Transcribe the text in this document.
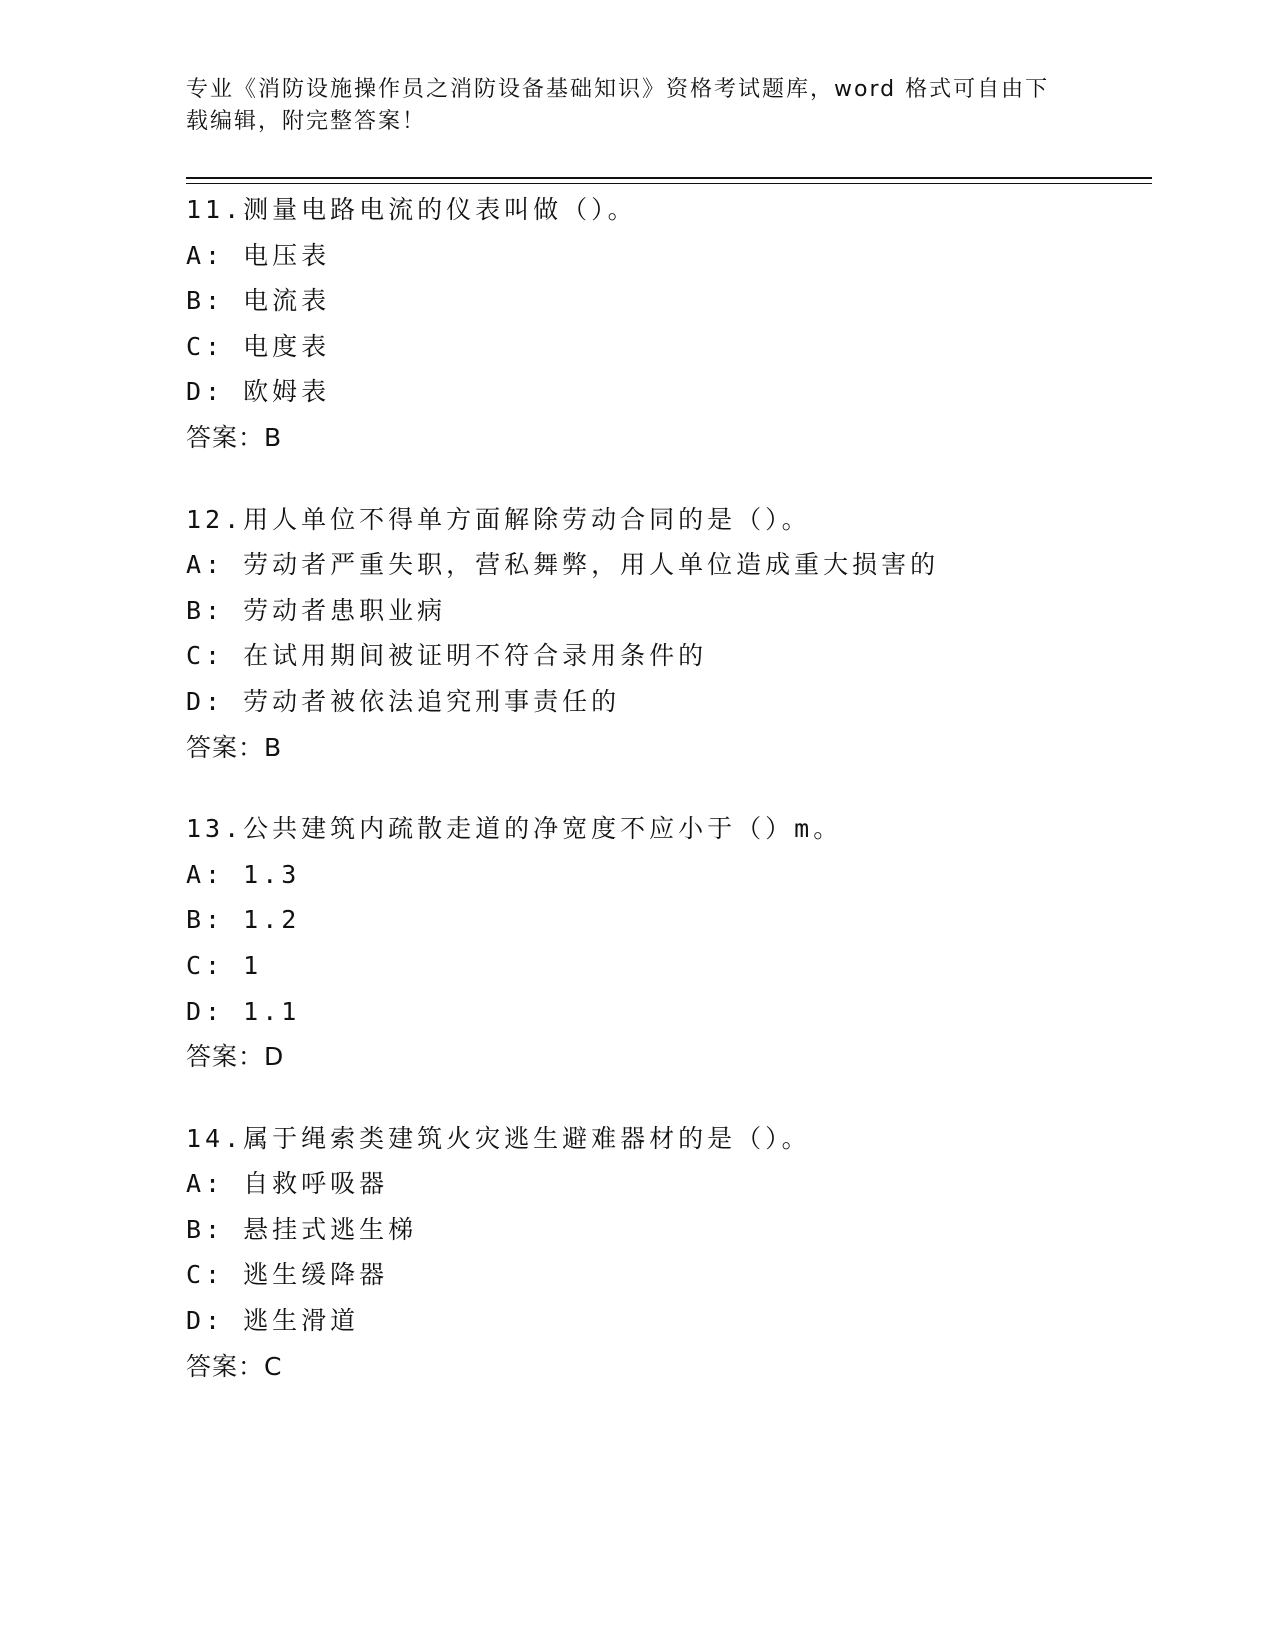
专业《消防设施操作员之消防设备基础知识》资格考试题库，word 格式可自由下
载编辑，附完整答案！
11.测量电路电流的仪表叫做（）。
A: 电压表
B: 电流表
C: 电度表
D: 欧姆表
答案：B
12.用人单位不得单方面解除劳动合同的是（）。
A: 劳动者严重失职，营私舞弊，用人单位造成重大损害的
B: 劳动者患职业病
C: 在试用期间被证明不符合录用条件的
D: 劳动者被依法追究刑事责任的
答案：B
13.公共建筑内疏散走道的净宽度不应小于（）m。
A: 1.3
B: 1.2
C: 1
D: 1.1
答案：D
14.属于绳索类建筑火灾逃生避难器材的是（）。
A: 自救呼吸器
B: 悬挂式逃生梯
C: 逃生缓降器
D: 逃生滑道
答案：C
